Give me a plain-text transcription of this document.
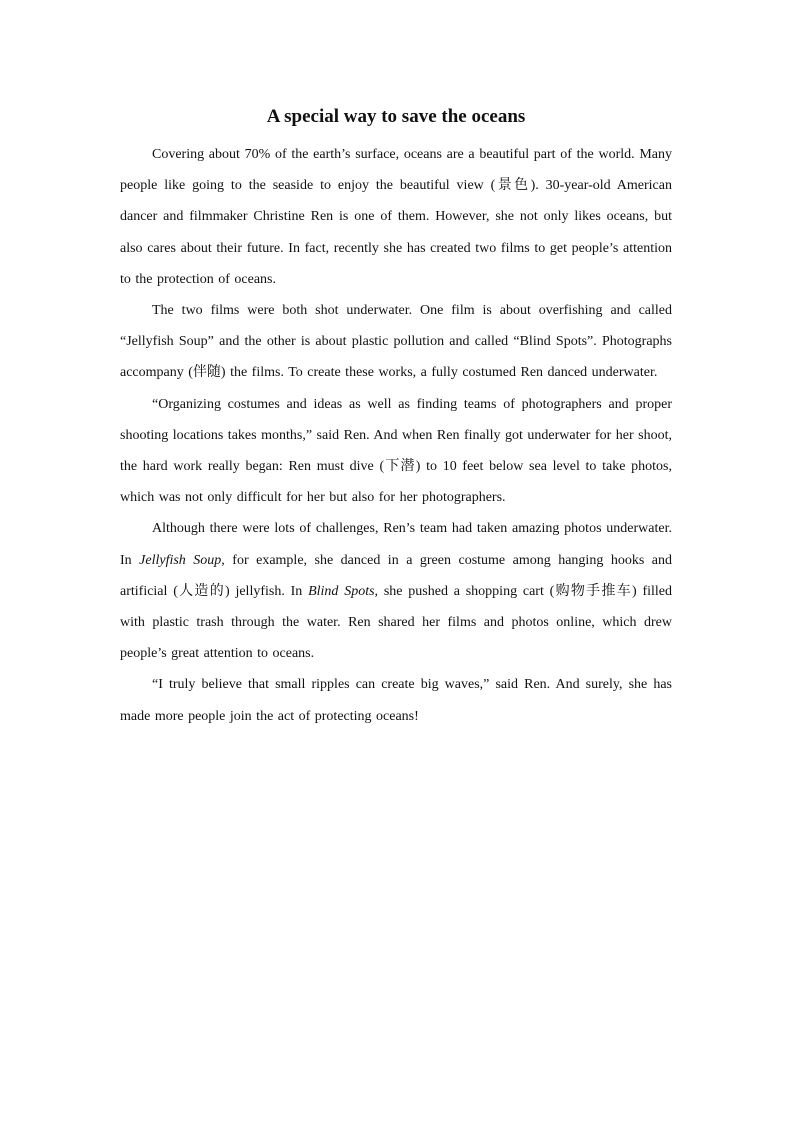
A special way to save the oceans

Covering about 70% of the earth’s surface, oceans are a beautiful part of the world. Many people like going to the seaside to enjoy the beautiful view (景色). 30-year-old American dancer and filmmaker Christine Ren is one of them. However, she not only likes oceans, but also cares about their future. In fact, recently she has created two films to get people’s attention to the protection of oceans.

The two films were both shot underwater. One film is about overfishing and called “Jellyfish Soup” and the other is about plastic pollution and called “Blind Spots”. Photographs accompany (伴随) the films. To create these works, a fully costumed Ren danced underwater.

“Organizing costumes and ideas as well as finding teams of photographers and proper shooting locations takes months,” said Ren. And when Ren finally got underwater for her shoot, the hard work really began: Ren must dive (下潜) to 10 feet below sea level to take photos, which was not only difficult for her but also for her photographers.

Although there were lots of challenges, Ren’s team had taken amazing photos underwater. In Jellyfish Soup, for example, she danced in a green costume among hanging hooks and artificial (人造的) jellyfish. In Blind Spots, she pushed a shopping cart (购物手推车) filled with plastic trash through the water. Ren shared her films and photos online, which drew people’s great attention to oceans.

“I truly believe that small ripples can create big waves,” said Ren. And surely, she has made more people join the act of protecting oceans!
